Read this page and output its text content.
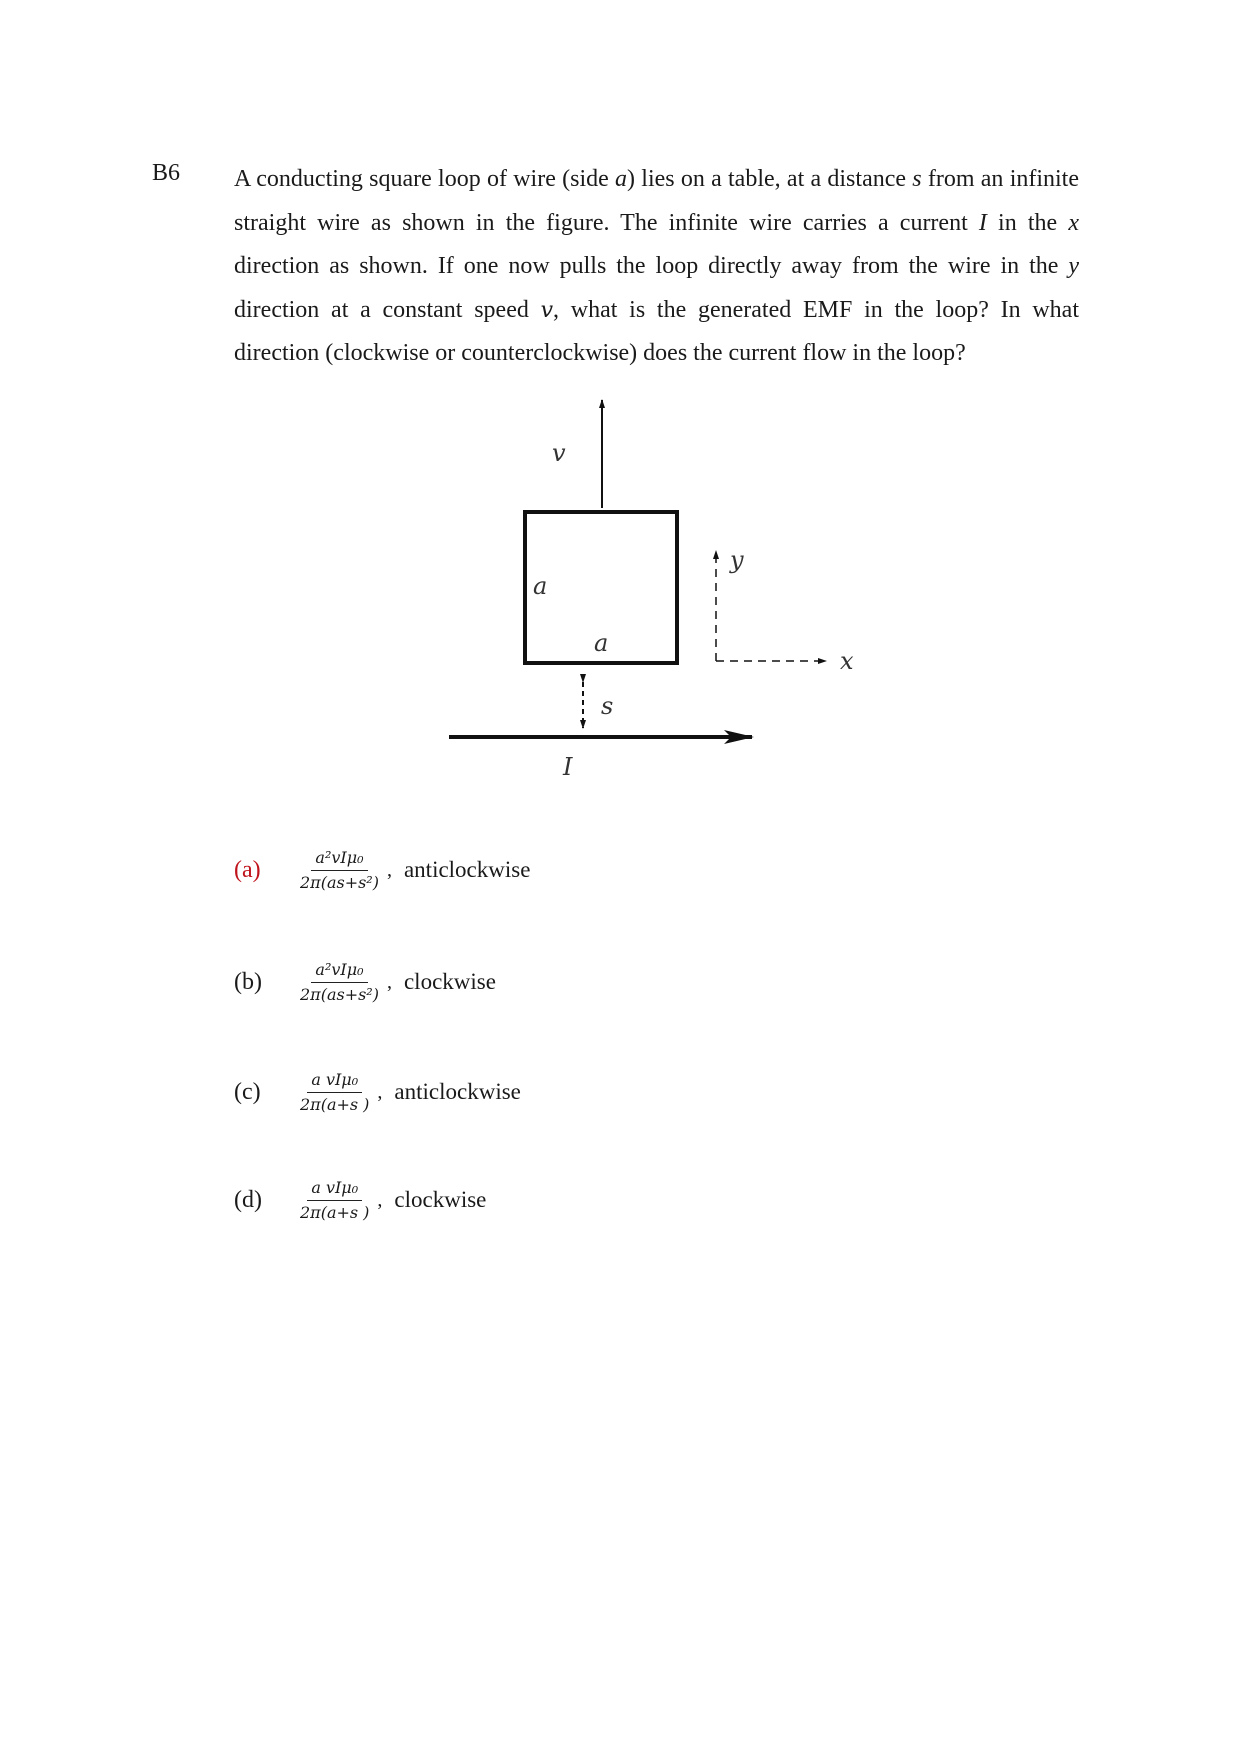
B6 A conducting square loop of wire (side a) lies on a table, at a distance s from an infinite straight wire as shown in the figure. The infinite wire carries a current I in the x direction as shown. If one now pulls the loop directly away from the wire in the y direction at a constant speed v, what is the generated EMF in the loop? In what direction (clockwise or counterclockwise) does the current flow in the loop?
v
a
a
s
I
y
x
(a)	$\frac{\text{a²vIμ₀}}{\text{2π(as+s²)}}$ , anticlockwise
(b)	$\frac{\text{a²vIμ₀}}{\text{2π(as+s²)}}$ , clockwise
(c)	$\frac{\text{a vIμ₀}}{2\pi(a+s )}$ , anticlockwise
(d)	$\frac{\text{a vIμ₀}}{2\pi(a+s )}$ , clockwise
